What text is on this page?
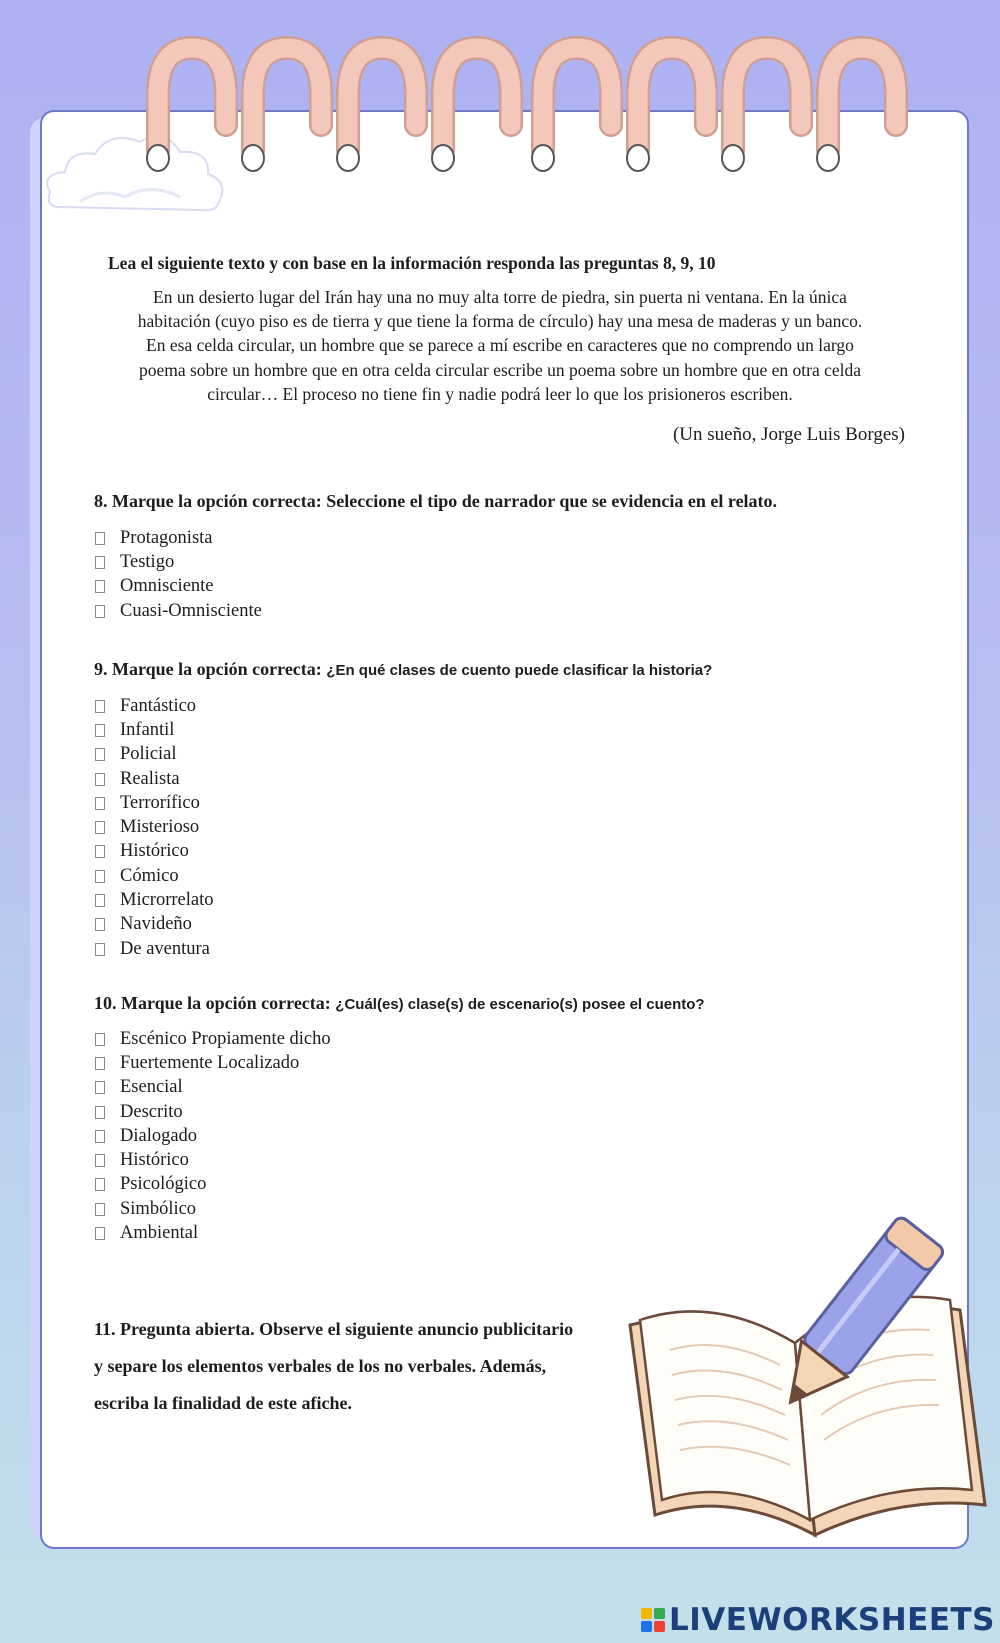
Lea el siguiente texto y con base en la información responda las preguntas 8, 9, 10
En un desierto lugar del Irán hay una no muy alta torre de piedra, sin puerta ni ventana. En la única
habitación (cuyo piso es de tierra y que tiene la forma de círculo) hay una mesa de maderas y un banco.
En esa celda circular, un hombre que se parece a mí escribe en caracteres que no comprendo un largo
poema sobre un hombre que en otra celda circular escribe un poema sobre un hombre que en otra celda
circular… El proceso no tiene fin y nadie podrá leer lo que los prisioneros escriben.
(Un sueño, Jorge Luis Borges)
8. Marque la opción correcta: Seleccione el tipo de narrador que se evidencia en el relato.
Protagonista
Testigo
Omnisciente
Cuasi-Omnisciente
9. Marque la opción correcta: ¿En qué clases de cuento puede clasificar la historia?
Fantástico
Infantil
Policial
Realista
Terrorífico
Misterioso
Histórico
Cómico
Microrrelato
Navideño
De aventura
10. Marque la opción correcta: ¿Cuál(es) clase(s) de escenario(s) posee el cuento?
Escénico Propiamente dicho
Fuertemente Localizado
Esencial
Descrito
Dialogado
Histórico
Psicológico
Simbólico
Ambiental
11. Pregunta abierta. Observe el siguiente anuncio publicitario
y separe los elementos verbales de los no verbales. Además,
escriba la finalidad de este afiche.
LIVEWORKSHEETS
